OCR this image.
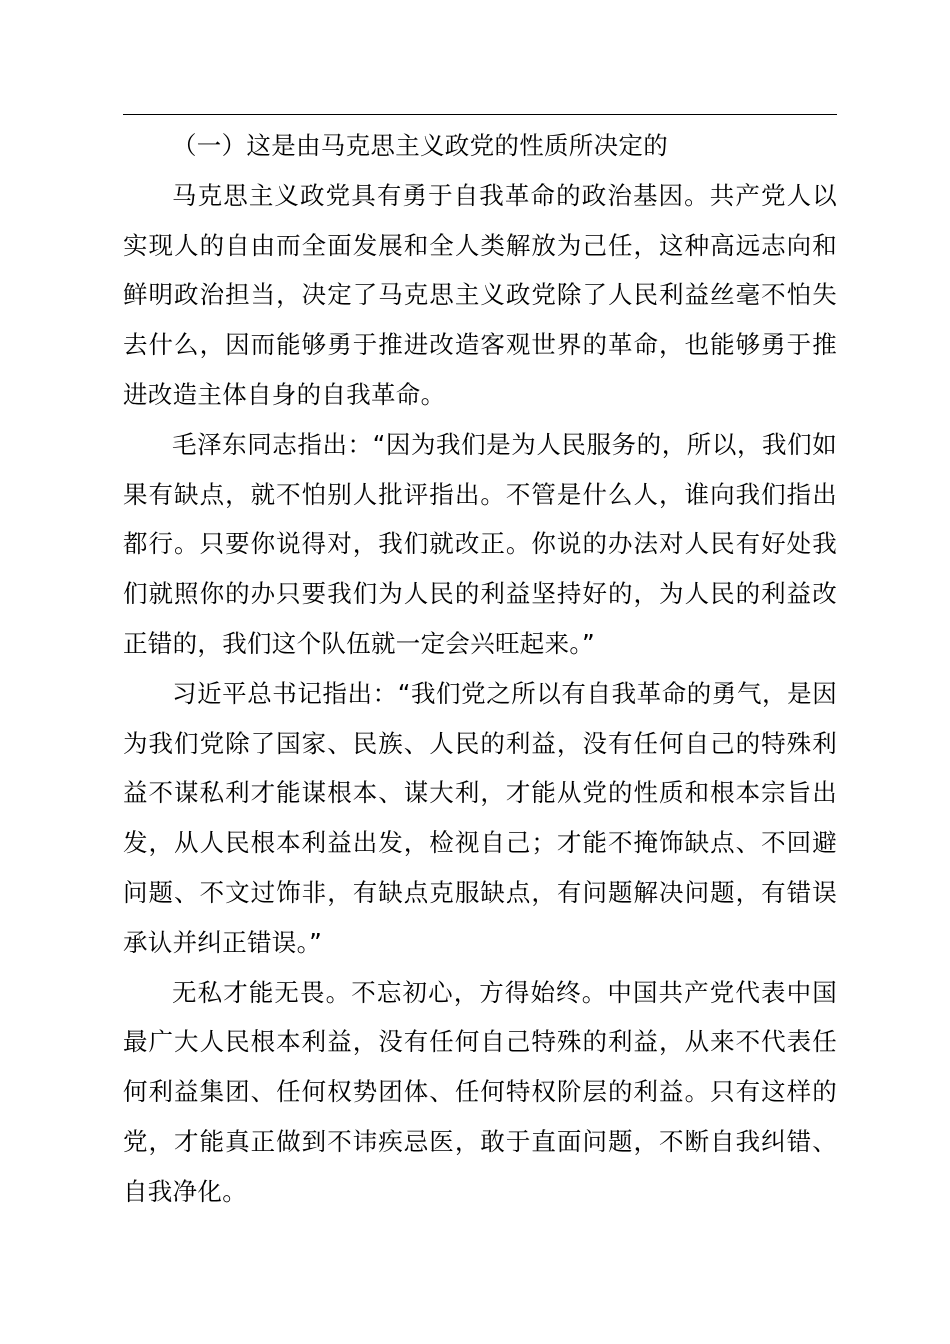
（一）这是由马克思主义政党的性质所决定的

马克思主义政党具有勇于自我革命的政治基因。共产党人以实现人的自由而全面发展和全人类解放为己任，这种高远志向和鲜明政治担当，决定了马克思主义政党除了人民利益丝毫不怕失去什么，因而能够勇于推进改造客观世界的革命，也能够勇于推进改造主体自身的自我革命。

毛泽东同志指出：“因为我们是为人民服务的，所以，我们如果有缺点，就不怕别人批评指出。不管是什么人，谁向我们指出都行。只要你说得对，我们就改正。你说的办法对人民有好处我们就照你的办只要我们为人民的利益坚持好的，为人民的利益改正错的，我们这个队伍就一定会兴旺起来。”

习近平总书记指出：“我们党之所以有自我革命的勇气，是因为我们党除了国家、民族、人民的利益，没有任何自己的特殊利益不谋私利才能谋根本、谋大利，才能从党的性质和根本宗旨出发，从人民根本利益出发，检视自己；才能不掩饰缺点、不回避问题、不文过饰非，有缺点克服缺点，有问题解决问题，有错误承认并纠正错误。”

无私才能无畏。不忘初心，方得始终。中国共产党代表中国最广大人民根本利益，没有任何自己特殊的利益，从来不代表任何利益集团、任何权势团体、任何特权阶层的利益。只有这样的党，才能真正做到不讳疾忌医，敢于直面问题，不断自我纠错、自我净化。
